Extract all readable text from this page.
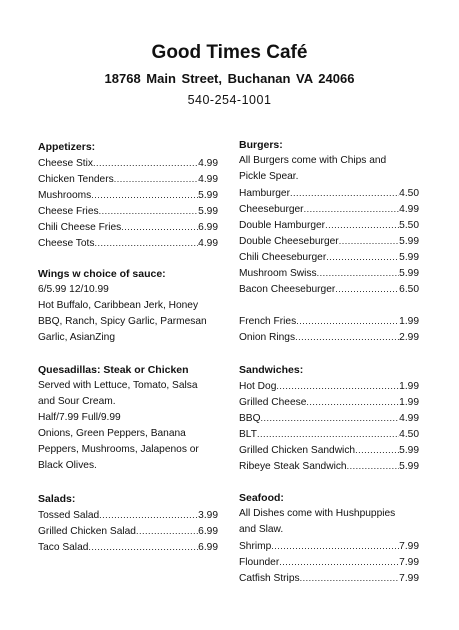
Good Times Café
18768 Main Street, Buchanan VA 24066
540-254-1001
Appetizers:
Cheese Stix .....	4.99
Chicken Tenders .....	4.99
Mushrooms .....	5.99
Cheese Fries .....	5.99
Chili Cheese Fries .....	6.99
Cheese Tots .....	4.99
Wings w choice of sauce:
6/5.99 12/10.99
Hot Buffalo, Caribbean Jerk, Honey
BBQ, Ranch, Spicy Garlic, Parmesan
Garlic, AsianZing
Quesadillas: Steak or Chicken
Served with Lettuce, Tomato, Salsa
and Sour Cream.
Half/7.99 Full/9.99
Onions, Green Peppers, Banana
Peppers, Mushrooms, Jalapenos or
Black Olives.
Salads:
Tossed Salad .....	3.99
Grilled Chicken Salad .....	6.99
Taco Salad .....	6.99
Burgers:
All Burgers come with Chips and
Pickle Spear.
Hamburger .....	4.50
Cheeseburger .....	4.99
Double Hamburger .....	5.50
Double Cheeseburger .....	5.99
Chili Cheeseburger .....	5.99
Mushroom Swiss .....	5.99
Bacon Cheeseburger .....	6.50
French Fries .....	1.99
Onion Rings .....	2.99
Sandwiches:
Hot Dog .....	1.99
Grilled Cheese .....	1.99
BBQ .....	4.99
BLT .....	4.50
Grilled Chicken Sandwich .....	5.99
Ribeye Steak Sandwich .....	5.99
Seafood:
All Dishes come with Hushpuppies
and Slaw.
Shrimp .....	7.99
Flounder .....	7.99
Catfish Strips .....	7.99
